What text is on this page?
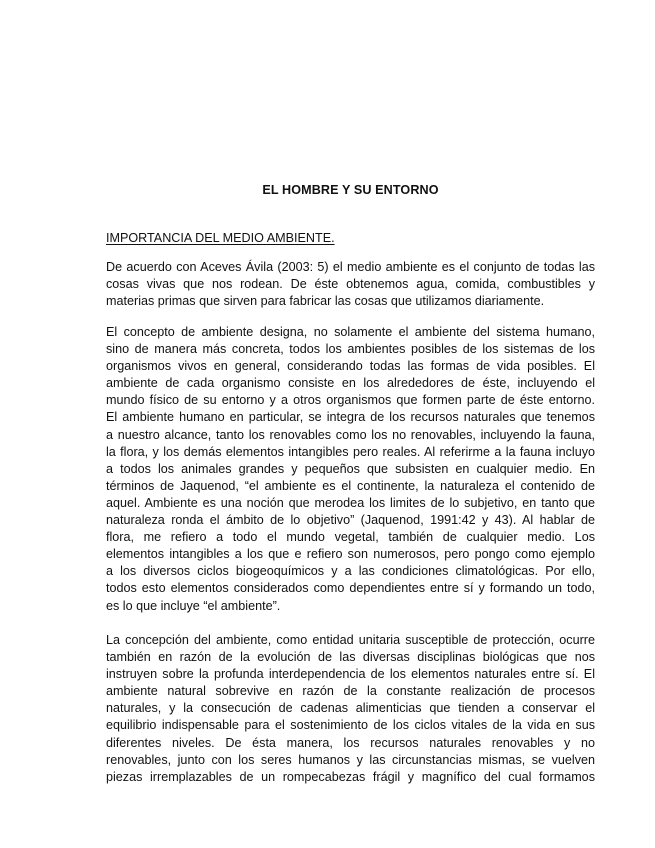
EL HOMBRE Y SU ENTORNO
IMPORTANCIA DEL MEDIO AMBIENTE.
De acuerdo con Aceves Ávila (2003: 5) el medio ambiente es el conjunto de todas las
cosas vivas que nos rodean. De éste obtenemos agua, comida, combustibles y
materias primas que sirven para fabricar las cosas que utilizamos diariamente.
El concepto de ambiente designa, no solamente el ambiente del sistema humano,
sino de manera más concreta, todos los ambientes posibles de los sistemas de los
organismos vivos en general, considerando todas las formas de vida posibles. El
ambiente de cada organismo consiste en los alrededores de éste, incluyendo el
mundo físico de su entorno y a otros organismos que formen parte de éste entorno.
El ambiente humano en particular, se integra de los recursos naturales que tenemos
a nuestro alcance, tanto los renovables como los no renovables, incluyendo la fauna,
la flora, y los demás elementos intangibles pero reales. Al referirme a la fauna incluyo
a todos los animales grandes y pequeños que subsisten en cualquier medio. En
términos de Jaquenod, “el ambiente es el continente, la naturaleza el contenido de
aquel. Ambiente es una noción que merodea los limites de lo subjetivo, en tanto que
naturaleza ronda el ámbito de lo objetivo” (Jaquenod, 1991:42 y 43). Al hablar de
flora, me refiero a todo el mundo vegetal, también de cualquier medio. Los
elementos intangibles a los que e refiero son numerosos, pero pongo como ejemplo
a los diversos ciclos biogeoquímicos y a las condiciones climatológicas. Por ello,
todos esto elementos considerados como dependientes entre sí y formando un todo,
es lo que incluye “el ambiente”.
La concepción del ambiente, como entidad unitaria susceptible de protección, ocurre
también en razón de la evolución de las diversas disciplinas biológicas que nos
instruyen sobre la profunda interdependencia de los elementos naturales entre sí. El
ambiente natural sobrevive en razón de la constante realización de procesos
naturales, y la consecución de cadenas alimenticias que tienden a conservar el
equilibrio indispensable para el sostenimiento de los ciclos vitales de la vida en sus
diferentes niveles. De ésta manera, los recursos naturales renovables y no
renovables, junto con los seres humanos y las circunstancias mismas, se vuelven
piezas irremplazables de un rompecabezas frágil y magnífico del cual formamos
